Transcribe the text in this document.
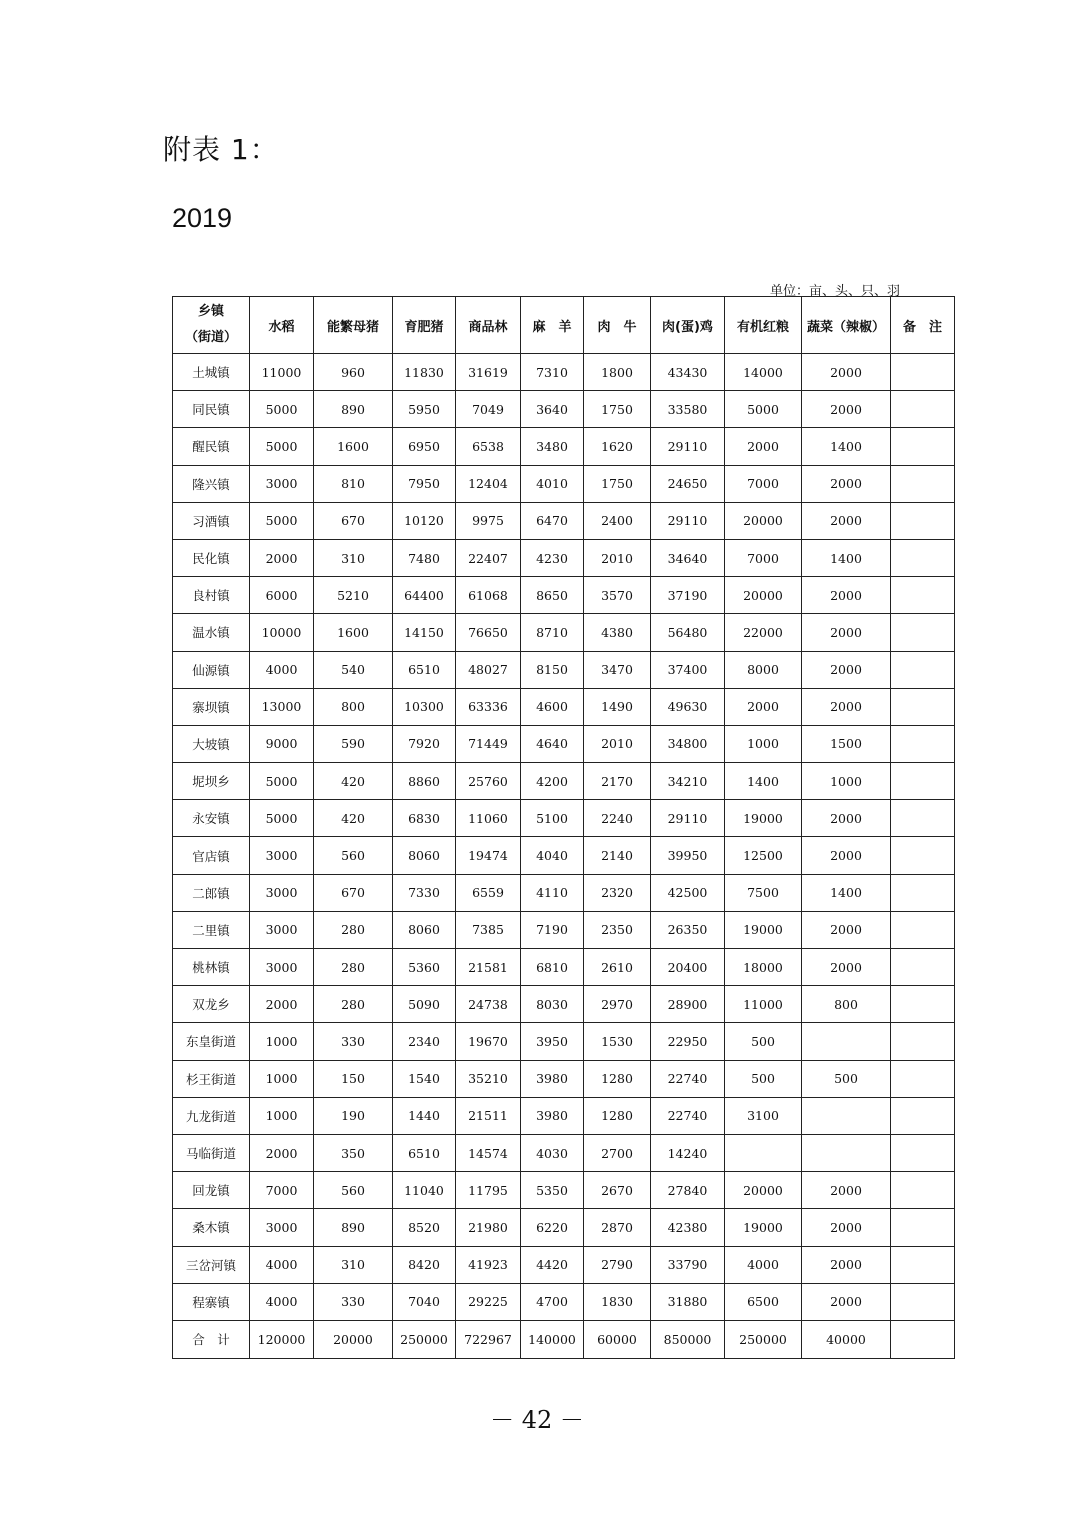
附表 1：
2019
单位：亩、头、只、羽
乡镇
（街道）	水稻	能繁母猪	育肥猪	商品林	麻　羊	肉　牛	肉(蛋)鸡	有机红粮	蔬菜（辣椒）	备　注
土城镇	11000	960	11830	31619	7310	1800	43430	14000	2000	
同民镇	5000	890	5950	7049	3640	1750	33580	5000	2000	
醒民镇	5000	1600	6950	6538	3480	1620	29110	2000	1400	
隆兴镇	3000	810	7950	12404	4010	1750	24650	7000	2000	
习酒镇	5000	670	10120	9975	6470	2400	29110	20000	2000	
民化镇	2000	310	7480	22407	4230	2010	34640	7000	1400	
良村镇	6000	5210	64400	61068	8650	3570	37190	20000	2000	
温水镇	10000	1600	14150	76650	8710	4380	56480	22000	2000	
仙源镇	4000	540	6510	48027	8150	3470	37400	8000	2000	
寨坝镇	13000	800	10300	63336	4600	1490	49630	2000	2000	
大坡镇	9000	590	7920	71449	4640	2010	34800	1000	1500	
坭坝乡	5000	420	8860	25760	4200	2170	34210	1400	1000	
永安镇	5000	420	6830	11060	5100	2240	29110	19000	2000	
官店镇	3000	560	8060	19474	4040	2140	39950	12500	2000	
二郎镇	3000	670	7330	6559	4110	2320	42500	7500	1400	
二里镇	3000	280	8060	7385	7190	2350	26350	19000	2000	
桃林镇	3000	280	5360	21581	6810	2610	20400	18000	2000	
双龙乡	2000	280	5090	24738	8030	2970	28900	11000	800	
东皇街道	1000	330	2340	19670	3950	1530	22950	500		
杉王街道	1000	150	1540	35210	3980	1280	22740	500	500	
九龙街道	1000	190	1440	21511	3980	1280	22740	3100		
马临街道	2000	350	6510	14574	4030	2700	14240			
回龙镇	7000	560	11040	11795	5350	2670	27840	20000	2000	
桑木镇	3000	890	8520	21980	6220	2870	42380	19000	2000	
三岔河镇	4000	310	8420	41923	4420	2790	33790	4000	2000	
程寨镇	4000	330	7040	29225	4700	1830	31880	6500	2000	
合　计	120000	20000	250000	722967	140000	60000	850000	250000	40000	
－ 42 －
